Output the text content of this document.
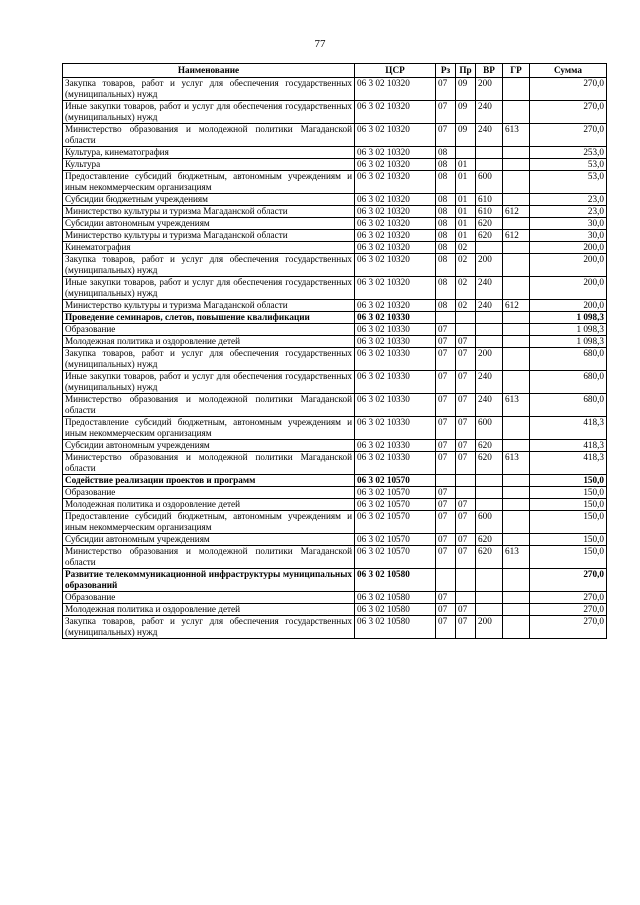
77
Наименование	ЦСР	Рз	Пр	ВР	ГР	Сумма
Закупка товаров, работ и услуг для обеспечения государственных (муниципальных) нужд	06 3 02 10320	07	09	200		270,0
Иные закупки товаров, работ и услуг для обеспечения государственных (муниципальных) нужд	06 3 02 10320	07	09	240		270,0
Министерство образования и молодежной политики Магаданской области	06 3 02 10320	07	09	240	613	270,0
Культура, кинематография	06 3 02 10320	08				253,0
Культура	06 3 02 10320	08	01			53,0
Предоставление субсидий бюджетным, автономным учреждениям и иным некоммерческим организациям	06 3 02 10320	08	01	600		53,0
Субсидии бюджетным учреждениям	06 3 02 10320	08	01	610		23,0
Министерство культуры и туризма Магаданской области	06 3 02 10320	08	01	610	612	23,0
Субсидии автономным учреждениям	06 3 02 10320	08	01	620		30,0
Министерство культуры и туризма Магаданской области	06 3 02 10320	08	01	620	612	30,0
Кинематография	06 3 02 10320	08	02			200,0
Закупка товаров, работ и услуг для обеспечения государственных (муниципальных) нужд	06 3 02 10320	08	02	200		200,0
Иные закупки товаров, работ и услуг для обеспечения государственных (муниципальных) нужд	06 3 02 10320	08	02	240		200,0
Министерство культуры и туризма Магаданской области	06 3 02 10320	08	02	240	612	200,0
Проведение семинаров, слетов, повышение квалификации	06 3 02 10330					1 098,3
Образование	06 3 02 10330	07				1 098,3
Молодежная политика и оздоровление детей	06 3 02 10330	07	07			1 098,3
Закупка товаров, работ и услуг для обеспечения государственных (муниципальных) нужд	06 3 02 10330	07	07	200		680,0
Иные закупки товаров, работ и услуг для обеспечения государственных (муниципальных) нужд	06 3 02 10330	07	07	240		680,0
Министерство образования и молодежной политики Магаданской области	06 3 02 10330	07	07	240	613	680,0
Предоставление субсидий бюджетным, автономным учреждениям и иным некоммерческим организациям	06 3 02 10330	07	07	600		418,3
Субсидии автономным учреждениям	06 3 02 10330	07	07	620		418,3
Министерство образования и молодежной политики Магаданской области	06 3 02 10330	07	07	620	613	418,3
Содействие реализации проектов и программ	06 3 02 10570					150,0
Образование	06 3 02 10570	07				150,0
Молодежная политика и оздоровление детей	06 3 02 10570	07	07			150,0
Предоставление субсидий бюджетным, автономным учреждениям и иным некоммерческим организациям	06 3 02 10570	07	07	600		150,0
Субсидии автономным учреждениям	06 3 02 10570	07	07	620		150,0
Министерство образования и молодежной политики Магаданской области	06 3 02 10570	07	07	620	613	150,0
Развитие телекоммуникационной инфраструктуры муниципальных образований	06 3 02 10580					270,0
Образование	06 3 02 10580	07				270,0
Молодежная политика и оздоровление детей	06 3 02 10580	07	07			270,0
Закупка товаров, работ и услуг для обеспечения государственных (муниципальных) нужд	06 3 02 10580	07	07	200		270,0
